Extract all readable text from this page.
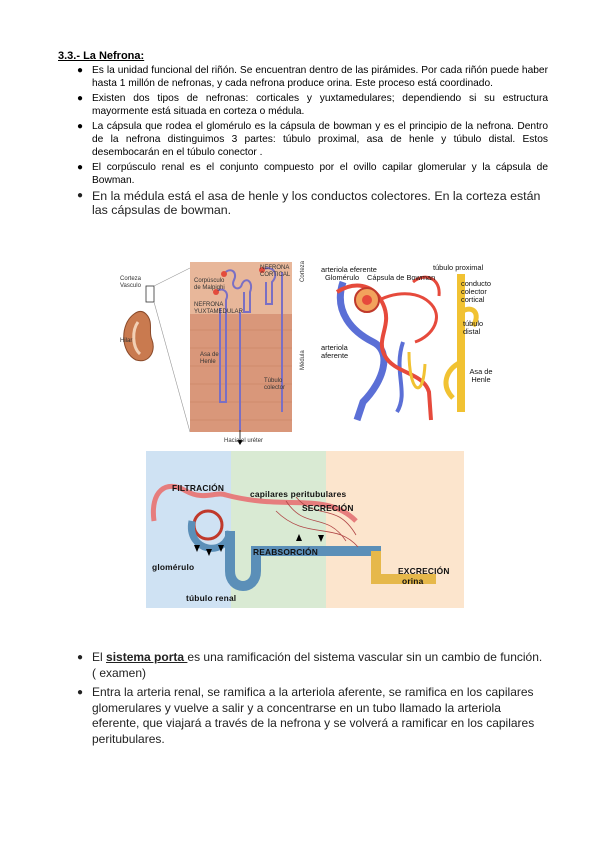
3.3.- La Nefrona:
● Es la unidad funcional del riñón. Se encuentran dentro de las pirámides. Por cada riñón puede haber hasta 1 millón de nefronas, y cada nefrona produce orina. Este proceso está coordinado.
● Existen dos tipos de nefronas: corticales y yuxtamedulares; dependiendo si su estructura mayormente está situada en corteza o médula.
● La cápsula que rodea el glomérulo es la cápsula de bowman y es el principio de la nefrona. Dentro de la nefrona distinguimos 3 partes: túbulo proximal, asa de henle y túbulo distal. Estos desembocarán en el túbulo conector .
● El corpúsculo renal es el conjunto compuesto por el ovillo capilar glomerular y la cápsula de Bowman.
● En la médula está el asa de henle y los conductos colectores. En la corteza están las cápsulas de bowman.
Corteza
Vasculo
Hilar
Corpúsculo de Malpighi
NEFRONA CORTICAL
NEFRONA YUXTAMEDULAR
Asa de Henle
Túbulo colector
Corteza
Médula
Hacia el uréter
arteriola eferente
Glomérulo Cápsula de Bowman
túbulo proximal
conducto colector cortical
arteriola aferente
túbulo distal
Asa de Henle
FILTRACIÓN
capilares peritubulares
SECRECIÓN
REABSORCIÓN
glomérulo
túbulo renal
EXCRECIÓN
orina
● El sistema porta es una ramificación del sistema vascular sin un cambio de función. ( examen)
● Entra la arteria renal, se ramifica a la arteriola aferente, se ramifica en los capilares glomerulares y vuelve a salir y a concentrarse en un tubo llamado la arteriola eferente, que viajará a través de la nefrona y se volverá a ramificar en los capilares peritubulares.
